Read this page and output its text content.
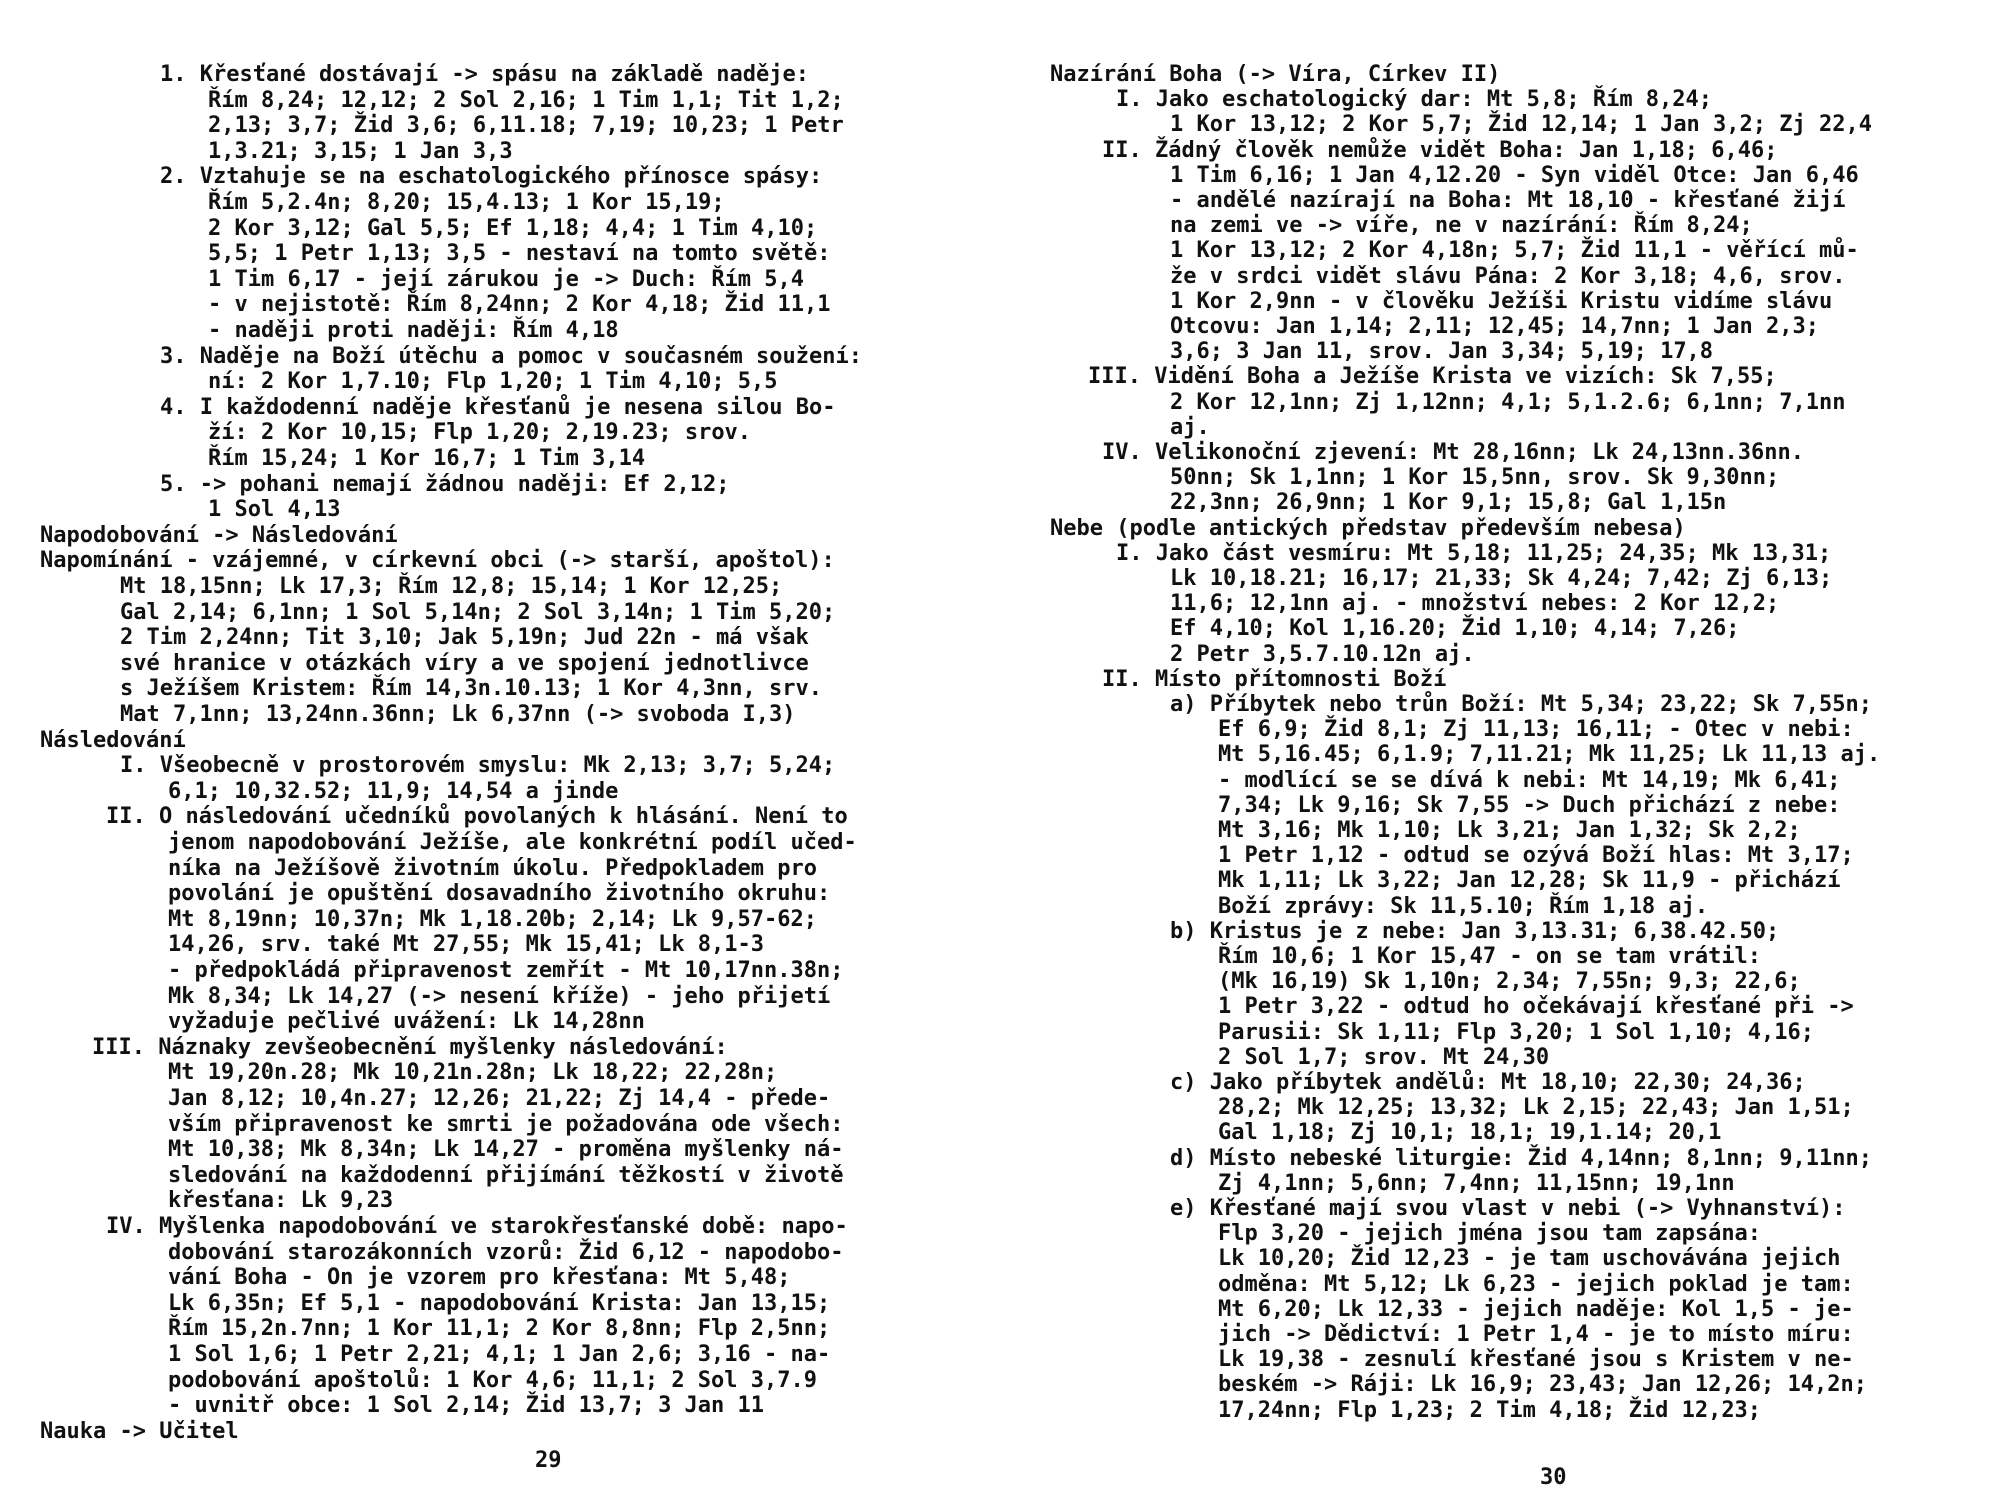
1. Křesťané dostávají -> spásu na základě naděje:
Řím 8,24; 12,12; 2 Sol 2,16; 1 Tim 1,1; Tit 1,2;
2,13; 3,7; Žid 3,6; 6,11.18; 7,19; 10,23; 1 Petr
1,3.21; 3,15; 1 Jan 3,3
2. Vztahuje se na eschatologického přínosce spásy:
Řím 5,2.4n; 8,20; 15,4.13; 1 Kor 15,19;
2 Kor 3,12; Gal 5,5; Ef 1,18; 4,4; 1 Tim 4,10;
5,5; 1 Petr 1,13; 3,5 - nestaví na tomto světě:
1 Tim 6,17 - její zárukou je -> Duch: Řím 5,4
- v nejistotě: Řím 8,24nn; 2 Kor 4,18; Žid 11,1
- naději proti naději: Řím 4,18
3. Naděje na Boží útěchu a pomoc v současném soužení:
ní: 2 Kor 1,7.10; Flp 1,20; 1 Tim 4,10; 5,5
4. I každodenní naděje křesťanů je nesena silou Bo-
ží: 2 Kor 10,15; Flp 1,20; 2,19.23; srov.
Řím 15,24; 1 Kor 16,7; 1 Tim 3,14
5. -> pohani nemají žádnou naději: Ef 2,12;
1 Sol 4,13
Napodobování -> Následování
Napomínání - vzájemné, v církevní obci (-> starší, apoštol):
Mt 18,15nn; Lk 17,3; Řím 12,8; 15,14; 1 Kor 12,25;
Gal 2,14; 6,1nn; 1 Sol 5,14n; 2 Sol 3,14n; 1 Tim 5,20;
2 Tim 2,24nn; Tit 3,10; Jak 5,19n; Jud 22n - má však
své hranice v otázkách víry a ve spojení jednotlivce
s Ježíšem Kristem: Řím 14,3n.10.13; 1 Kor 4,3nn, srv.
Mat 7,1nn; 13,24nn.36nn; Lk 6,37nn (-> svoboda I,3)
Následování
I. Všeobecně v prostorovém smyslu: Mk 2,13; 3,7; 5,24;
6,1; 10,32.52; 11,9; 14,54 a jinde
II. O následování učedníků povolaných k hlásání. Není to
jenom napodobování Ježíše, ale konkrétní podíl učed-
níka na Ježíšově životním úkolu. Předpokladem pro
povolání je opuštění dosavadního životního okruhu:
Mt 8,19nn; 10,37n; Mk 1,18.20b; 2,14; Lk 9,57-62;
14,26, srv. také Mt 27,55; Mk 15,41; Lk 8,1-3
- předpokládá připravenost zemřít - Mt 10,17nn.38n;
Mk 8,34; Lk 14,27 (-> nesení kříže) - jeho přijetí
vyžaduje pečlivé uvážení: Lk 14,28nn
III. Náznaky zevšeobecnění myšlenky následování:
Mt 19,20n.28; Mk 10,21n.28n; Lk 18,22; 22,28n;
Jan 8,12; 10,4n.27; 12,26; 21,22; Zj 14,4 - přede-
vším připravenost ke smrti je požadována ode všech:
Mt 10,38; Mk 8,34n; Lk 14,27 - proměna myšlenky ná-
sledování na každodenní přijímání těžkostí v životě
křesťana: Lk 9,23
IV. Myšlenka napodobování ve starokřesťanské době: napo-
dobování starozákonních vzorů: Žid 6,12 - napodobo-
vání Boha - On je vzorem pro křesťana: Mt 5,48;
Lk 6,35n; Ef 5,1 - napodobování Krista: Jan 13,15;
Řím 15,2n.7nn; 1 Kor 11,1; 2 Kor 8,8nn; Flp 2,5nn;
1 Sol 1,6; 1 Petr 2,21; 4,1; 1 Jan 2,6; 3,16 - na-
podobování apoštolů: 1 Kor 4,6; 11,1; 2 Sol 3,7.9
- uvnitř obce: 1 Sol 2,14; Žid 13,7; 3 Jan 11
Nauka -> Učitel
29
Nazírání Boha (-> Víra, Církev II)
I. Jako eschatologický dar: Mt 5,8; Řím 8,24;
1 Kor 13,12; 2 Kor 5,7; Žid 12,14; 1 Jan 3,2; Zj 22,4
II. Žádný člověk nemůže vidět Boha: Jan 1,18; 6,46;
1 Tim 6,16; 1 Jan 4,12.20 - Syn viděl Otce: Jan 6,46
- andělé nazírají na Boha: Mt 18,10 - křesťané žijí
na zemi ve -> víře, ne v nazírání: Řím 8,24;
1 Kor 13,12; 2 Kor 4,18n; 5,7; Žid 11,1 - věřící mů-
že v srdci vidět slávu Pána: 2 Kor 3,18; 4,6, srov.
1 Kor 2,9nn - v člověku Ježíši Kristu vidíme slávu
Otcovu: Jan 1,14; 2,11; 12,45; 14,7nn; 1 Jan 2,3;
3,6; 3 Jan 11, srov. Jan 3,34; 5,19; 17,8
III. Vidění Boha a Ježíše Krista ve vizích: Sk 7,55;
2 Kor 12,1nn; Zj 1,12nn; 4,1; 5,1.2.6; 6,1nn; 7,1nn
aj.
IV. Velikonoční zjevení: Mt 28,16nn; Lk 24,13nn.36nn.
50nn; Sk 1,1nn; 1 Kor 15,5nn, srov. Sk 9,30nn;
22,3nn; 26,9nn; 1 Kor 9,1; 15,8; Gal 1,15n
Nebe (podle antických představ především nebesa)
I. Jako část vesmíru: Mt 5,18; 11,25; 24,35; Mk 13,31;
Lk 10,18.21; 16,17; 21,33; Sk 4,24; 7,42; Zj 6,13;
11,6; 12,1nn aj. - množství nebes: 2 Kor 12,2;
Ef 4,10; Kol 1,16.20; Žid 1,10; 4,14; 7,26;
2 Petr 3,5.7.10.12n aj.
II. Místo přítomnosti Boží
a) Příbytek nebo trůn Boží: Mt 5,34; 23,22; Sk 7,55n;
Ef 6,9; Žid 8,1; Zj 11,13; 16,11; - Otec v nebi:
Mt 5,16.45; 6,1.9; 7,11.21; Mk 11,25; Lk 11,13 aj.
- modlící se se dívá k nebi: Mt 14,19; Mk 6,41;
7,34; Lk 9,16; Sk 7,55 -> Duch přichází z nebe:
Mt 3,16; Mk 1,10; Lk 3,21; Jan 1,32; Sk 2,2;
1 Petr 1,12 - odtud se ozývá Boží hlas: Mt 3,17;
Mk 1,11; Lk 3,22; Jan 12,28; Sk 11,9 - přichází
Boží zprávy: Sk 11,5.10; Řím 1,18 aj.
b) Kristus je z nebe: Jan 3,13.31; 6,38.42.50;
Řím 10,6; 1 Kor 15,47 - on se tam vrátil:
(Mk 16,19) Sk 1,10n; 2,34; 7,55n; 9,3; 22,6;
1 Petr 3,22 - odtud ho očekávají křesťané při ->
Parusii: Sk 1,11; Flp 3,20; 1 Sol 1,10; 4,16;
2 Sol 1,7; srov. Mt 24,30
c) Jako příbytek andělů: Mt 18,10; 22,30; 24,36;
28,2; Mk 12,25; 13,32; Lk 2,15; 22,43; Jan 1,51;
Gal 1,18; Zj 10,1; 18,1; 19,1.14; 20,1
d) Místo nebeské liturgie: Žid 4,14nn; 8,1nn; 9,11nn;
Zj 4,1nn; 5,6nn; 7,4nn; 11,15nn; 19,1nn
e) Křesťané mají svou vlast v nebi (-> Vyhnanství):
Flp 3,20 - jejich jména jsou tam zapsána:
Lk 10,20; Žid 12,23 - je tam uschovávána jejich
odměna: Mt 5,12; Lk 6,23 - jejich poklad je tam:
Mt 6,20; Lk 12,33 - jejich naděje: Kol 1,5 - je-
jich -> Dědictví: 1 Petr 1,4 - je to místo míru:
Lk 19,38 - zesnulí křesťané jsou s Kristem v ne-
beském -> Ráji: Lk 16,9; 23,43; Jan 12,26; 14,2n;
17,24nn; Flp 1,23; 2 Tim 4,18; Žid 12,23;
30
